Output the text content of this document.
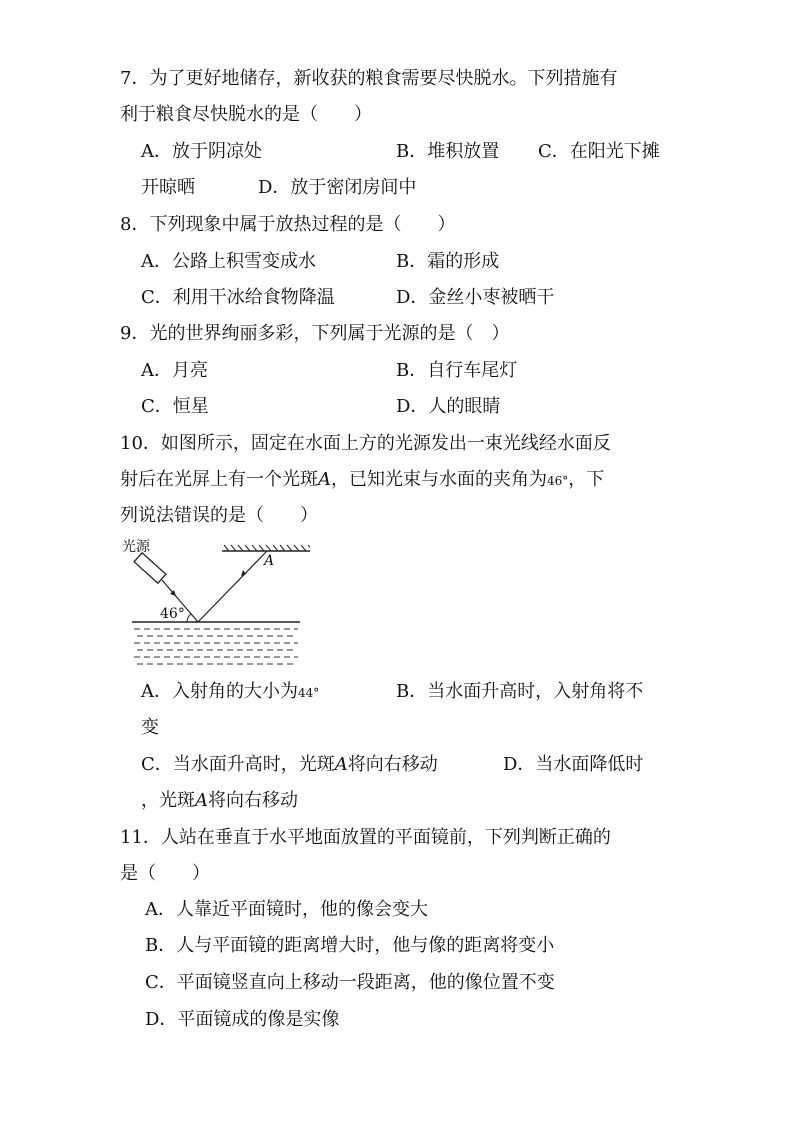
7．为了更好地储存，新收获的粮食需要尽快脱水。下列措施有
利于粮食尽快脱水的是（　　）
A．放于阴凉处	B．堆积放置 C．在阳光下摊
开晾晒	D．放于密闭房间中
8．下列现象中属于放热过程的是（　　）
A．公路上积雪变成水	B．霜的形成
C．利用干冰给食物降温	D．金丝小枣被晒干
9．光的世界绚丽多彩，下列属于光源的是（　）
A．月亮	B．自行车尾灯
C．恒星	D．人的眼睛
10．如图所示，固定在水面上方的光源发出一束光线经水面反
射后在光屏上有一个光斑A，已知光束与水面的夹角为46°，下
列说法错误的是（　　）
光源
A
46°
A．入射角的大小为44°	B．当水面升高时，入射角将不
变
C．当水面升高时，光斑A将向右移动	D．当水面降低时
，光斑A将向右移动
11．人站在垂直于水平地面放置的平面镜前，下列判断正确的
是（　　）
A．人靠近平面镜时，他的像会变大
B．人与平面镜的距离增大时，他与像的距离将变小
C．平面镜竖直向上移动一段距离，他的像位置不变
D．平面镜成的像是实像
